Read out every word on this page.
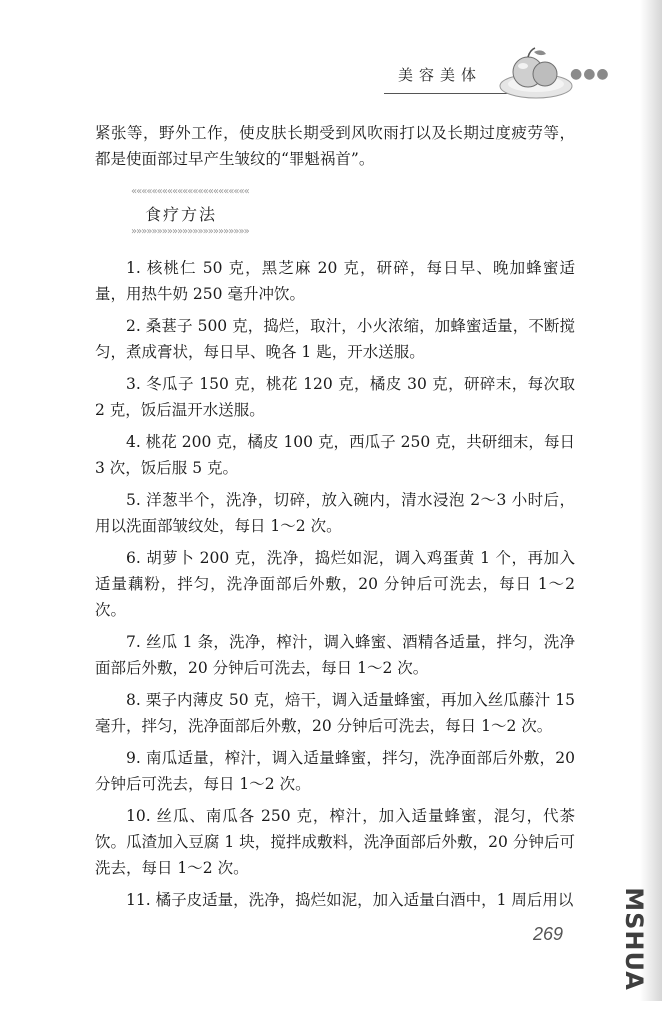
美容美体	●●●

紧张等，野外工作，使皮肤长期受到风吹雨打以及长期过度疲劳等，都是使面部过早产生皱纹的“罪魁祸首”。

«««««««««««««««««««««««
食疗方法
»»»»»»»»»»»»»»»»»»»»»»»

1. 核桃仁 50 克，黑芝麻 20 克，研碎，每日早、晚加蜂蜜适量，用热牛奶 250 毫升冲饮。

2. 桑葚子 500 克，捣烂，取汁，小火浓缩，加蜂蜜适量，不断搅匀，煮成膏状，每日早、晚各 1 匙，开水送服。

3. 冬瓜子 150 克，桃花 120 克，橘皮 30 克，研碎末，每次取 2 克，饭后温开水送服。

4. 桃花 200 克，橘皮 100 克，西瓜子 250 克，共研细末，每日 3 次，饭后服 5 克。

5. 洋葱半个，洗净，切碎，放入碗内，清水浸泡 2～3 小时后，用以洗面部皱纹处，每日 1～2 次。

6. 胡萝卜 200 克，洗净，捣烂如泥，调入鸡蛋黄 1 个，再加入适量藕粉，拌匀，洗净面部后外敷，20 分钟后可洗去，每日 1～2 次。

7. 丝瓜 1 条，洗净，榨汁，调入蜂蜜、酒精各适量，拌匀，洗净面部后外敷，20 分钟后可洗去，每日 1～2 次。

8. 栗子内薄皮 50 克，焙干，调入适量蜂蜜，再加入丝瓜藤汁 15 毫升，拌匀，洗净面部后外敷，20 分钟后可洗去，每日 1～2 次。

9. 南瓜适量，榨汁，调入适量蜂蜜，拌匀，洗净面部后外敷，20 分钟后可洗去，每日 1～2 次。

10. 丝瓜、南瓜各 250 克，榨汁，加入适量蜂蜜，混匀，代茶饮。瓜渣加入豆腐 1 块，搅拌成敷料，洗净面部后外敷，20 分钟后可洗去，每日 1～2 次。

11. 橘子皮适量，洗净，捣烂如泥，加入适量白酒中，1 周后用以

269 MSHUA
